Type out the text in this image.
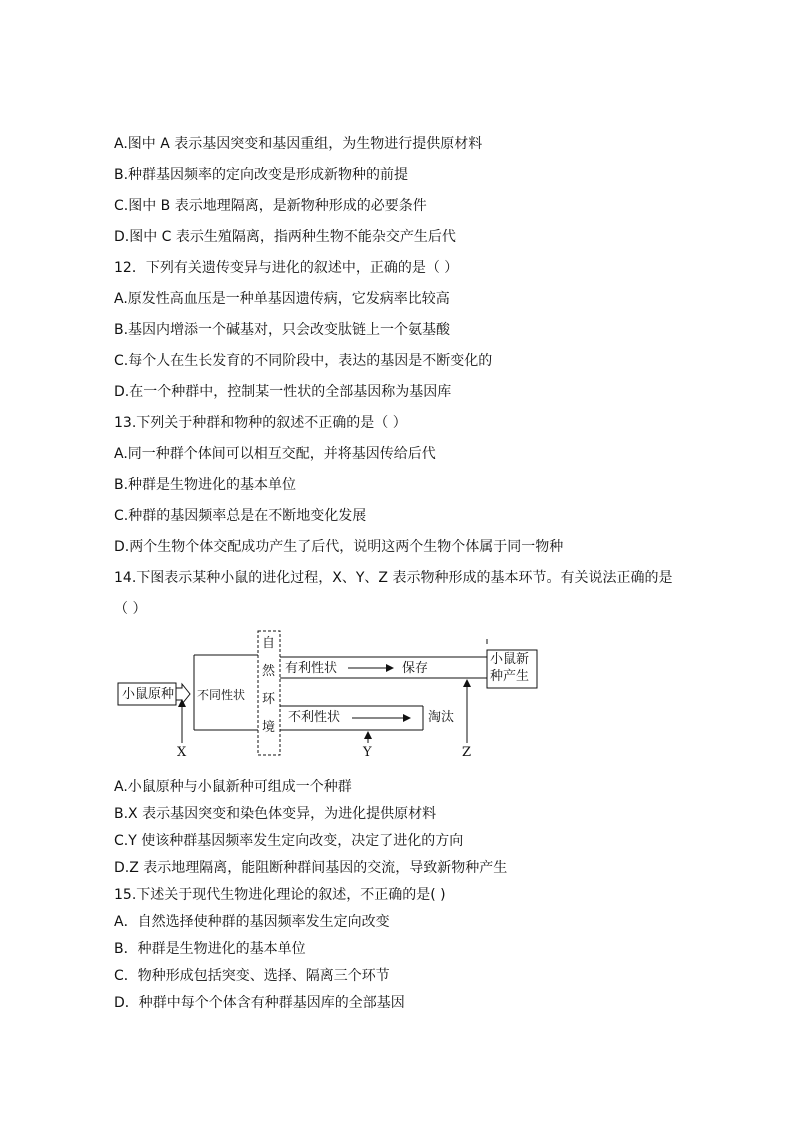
A.图中 A 表示基因突变和基因重组，为生物进行提供原材料
B.种群基因频率的定向改变是形成新物种的前提
C.图中 B 表示地理隔离，是新物种形成的必要条件
D.图中 C 表示生殖隔离，指两种生物不能杂交产生后代
12．下列有关遗传变异与进化的叙述中，正确的是（ ）
A.原发性高血压是一种单基因遗传病，它发病率比较高
B.基因内增添一个碱基对，只会改变肽链上一个氨基酸
C.每个人在生长发育的不同阶段中，表达的基因是不断变化的
D.在一个种群中，控制某一性状的全部基因称为基因库
13.下列关于种群和物种的叙述不正确的是（ ）
A.同一种群个体间可以相互交配，并将基因传给后代
B.种群是生物进化的基本单位
C.种群的基因频率总是在不断地变化发展
D.两个生物个体交配成功产生了后代，说明这两个生物个体属于同一物种
14.下图表示某种小鼠的进化过程，X、Y、Z 表示物种形成的基本环节。有关说法正确的是
（ ）
A.小鼠原种与小鼠新种可组成一个种群
B.X 表示基因突变和染色体变异，为进化提供原材料
C.Y 使该种群基因频率发生定向改变，决定了进化的方向
D.Z 表示地理隔离，能阻断种群间基因的交流，导致新物种产生
15.下述关于现代生物进化理论的叙述，不正确的是( )
A．自然选择使种群的基因频率发生定向改变
B．种群是生物进化的基本单位
C．物种形成包括突变、选择、隔离三个环节
D．种群中每个个体含有种群基因库的全部基因
小鼠原种 不同性状
自
然
环
境
有利性状	保存
不利性状	淘汰
小鼠新
种产生
X	Y	Z
